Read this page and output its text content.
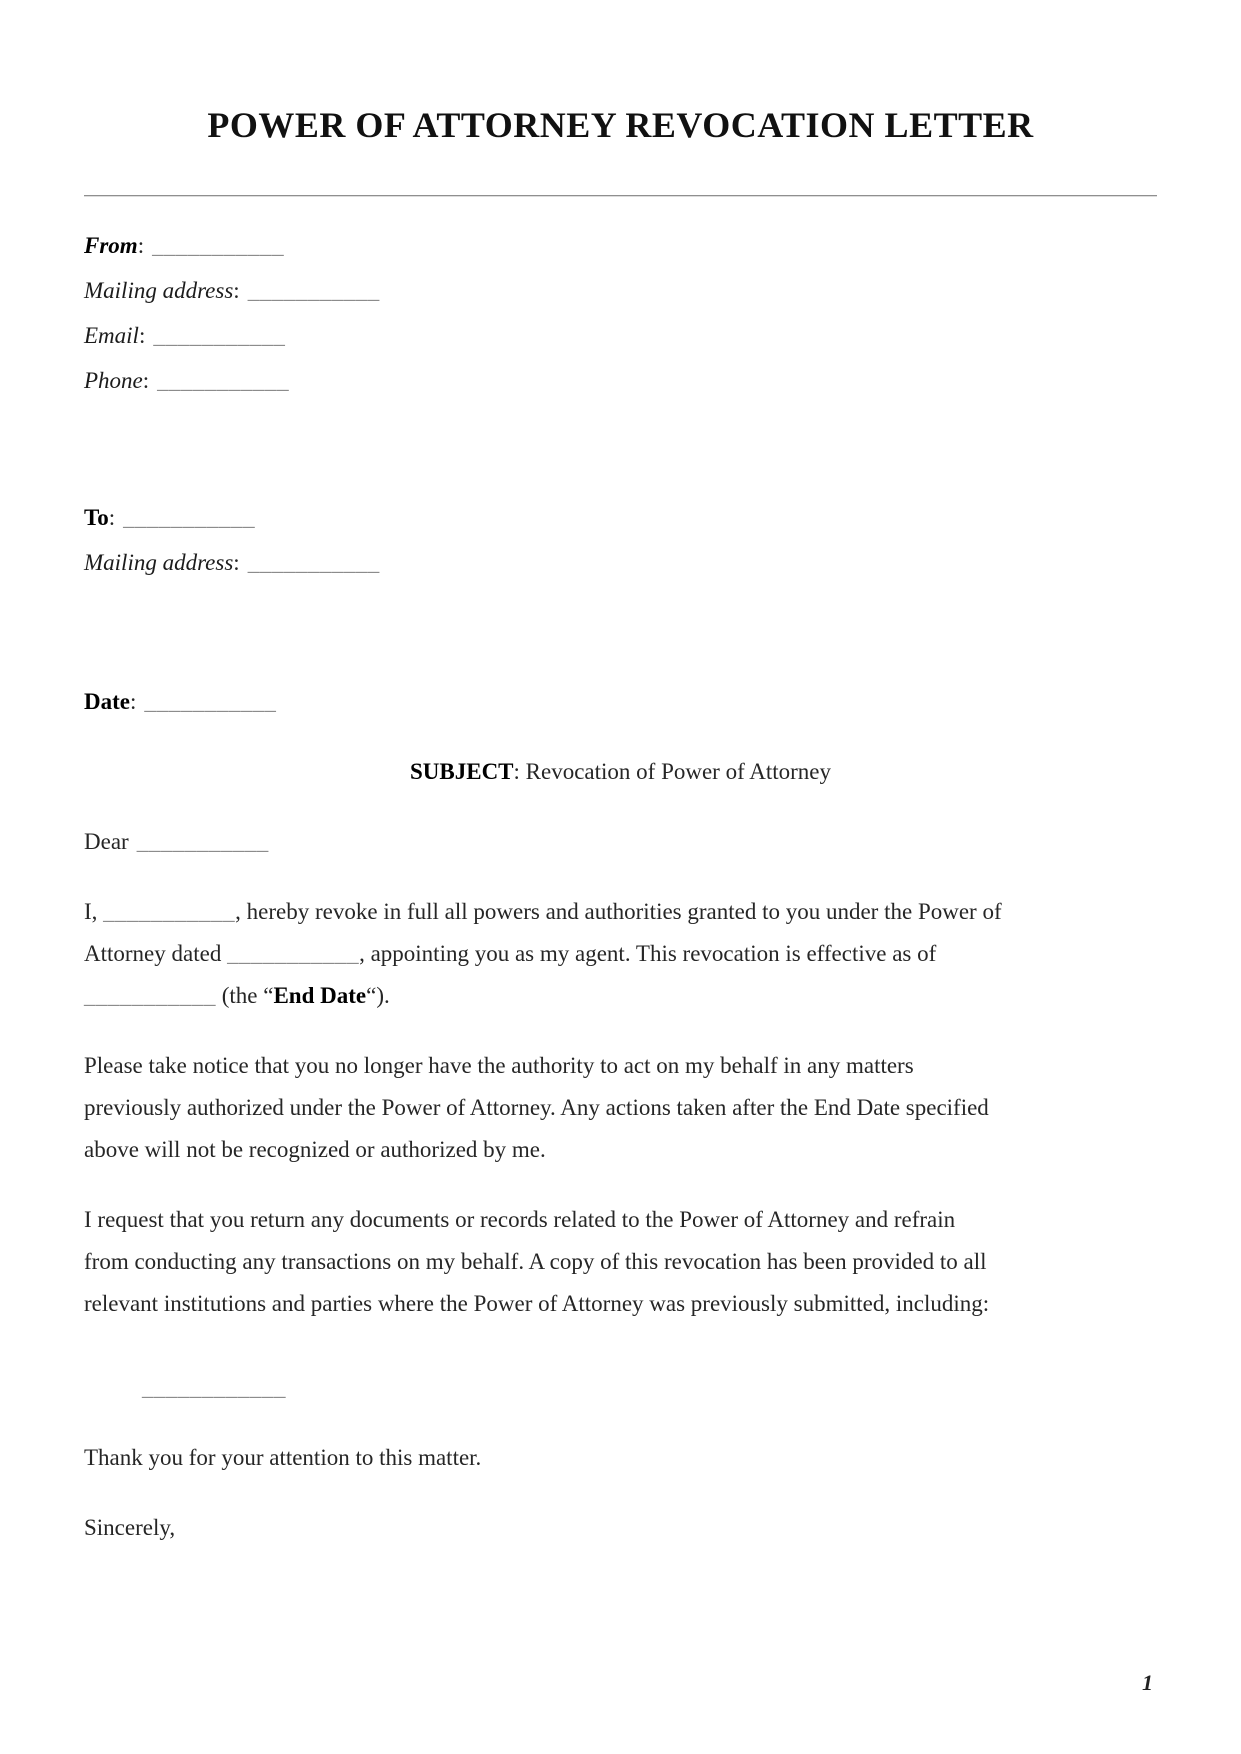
POWER OF ATTORNEY REVOCATION LETTER
From: ___________
Mailing address: ___________
Email: ___________
Phone: ___________
To: ___________
Mailing address: ___________

Date: ___________

SUBJECT: Revocation of Power of Attorney

Dear ___________

I, ___________, hereby revoke in full all powers and authorities granted to you under the Power of
Attorney dated ___________, appointing you as my agent. This revocation is effective as of
___________ (the “End Date“).
Please take notice that you no longer have the authority to act on my behalf in any matters
previously authorized under the Power of Attorney. Any actions taken after the End Date specified
above will not be recognized or authorized by me.
I request that you return any documents or records related to the Power of Attorney and refrain
from conducting any transactions on my behalf. A copy of this revocation has been provided to all
relevant institutions and parties where the Power of Attorney was previously submitted, including:

____________

Thank you for your attention to this matter.

Sincerely,

1
